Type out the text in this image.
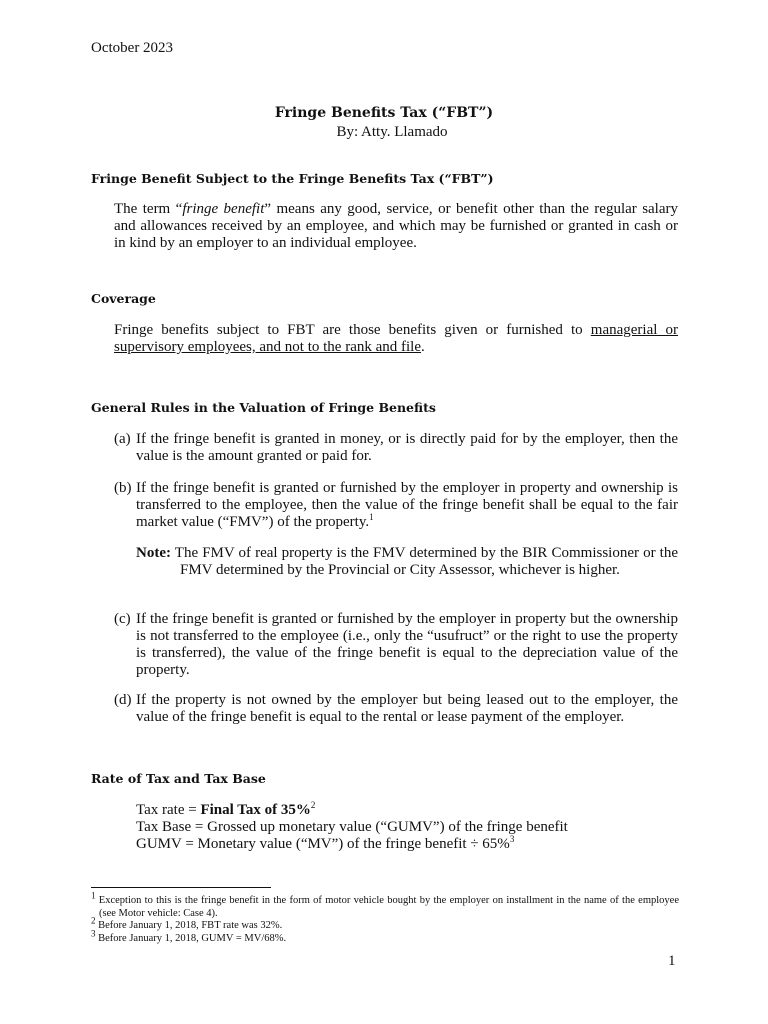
October 2023
Fringe Benefits Tax (“FBT”)
By: Atty. Llamado
Fringe Benefit Subject to the Fringe Benefits Tax (“FBT”)
The term “fringe benefit” means any good, service, or benefit other than the regular salary and allowances received by an employee, and which may be furnished or granted in cash or in kind by an employer to an individual employee.
Coverage
Fringe benefits subject to FBT are those benefits given or furnished to managerial or supervisory employees, and not to the rank and file.
General Rules in the Valuation of Fringe Benefits
(a) If the fringe benefit is granted in money, or is directly paid for by the employer, then the value is the amount granted or paid for.
(b) If the fringe benefit is granted or furnished by the employer in property and ownership is transferred to the employee, then the value of the fringe benefit shall be equal to the fair market value (“FMV”) of the property.$^1$
Note: The FMV of real property is the FMV determined by the BIR Commissioner or the FMV determined by the Provincial or City Assessor, whichever is higher.
(c) If the fringe benefit is granted or furnished by the employer in property but the ownership is not transferred to the employee (i.e., only the “usufruct” or the right to use the property is transferred), the value of the fringe benefit is equal to the depreciation value of the property.
(d) If the property is not owned by the employer but being leased out to the employer, the value of the fringe benefit is equal to the rental or lease payment of the employer.
Rate of Tax and Tax Base
Tax rate = Final Tax of 35%$^2$
Tax Base = Grossed up monetary value (“GUMV”) of the fringe benefit
GUMV = Monetary value (“MV”) of the fringe benefit ÷ 65%$^3$
$^1$ Exception to this is the fringe benefit in the form of motor vehicle bought by the employer on installment in the name of the employee (see Motor vehicle: Case 4).
$^2$ Before January 1, 2018, FBT rate was 32%.
$^3$ Before January 1, 2018, GUMV = MV/68%.
1
